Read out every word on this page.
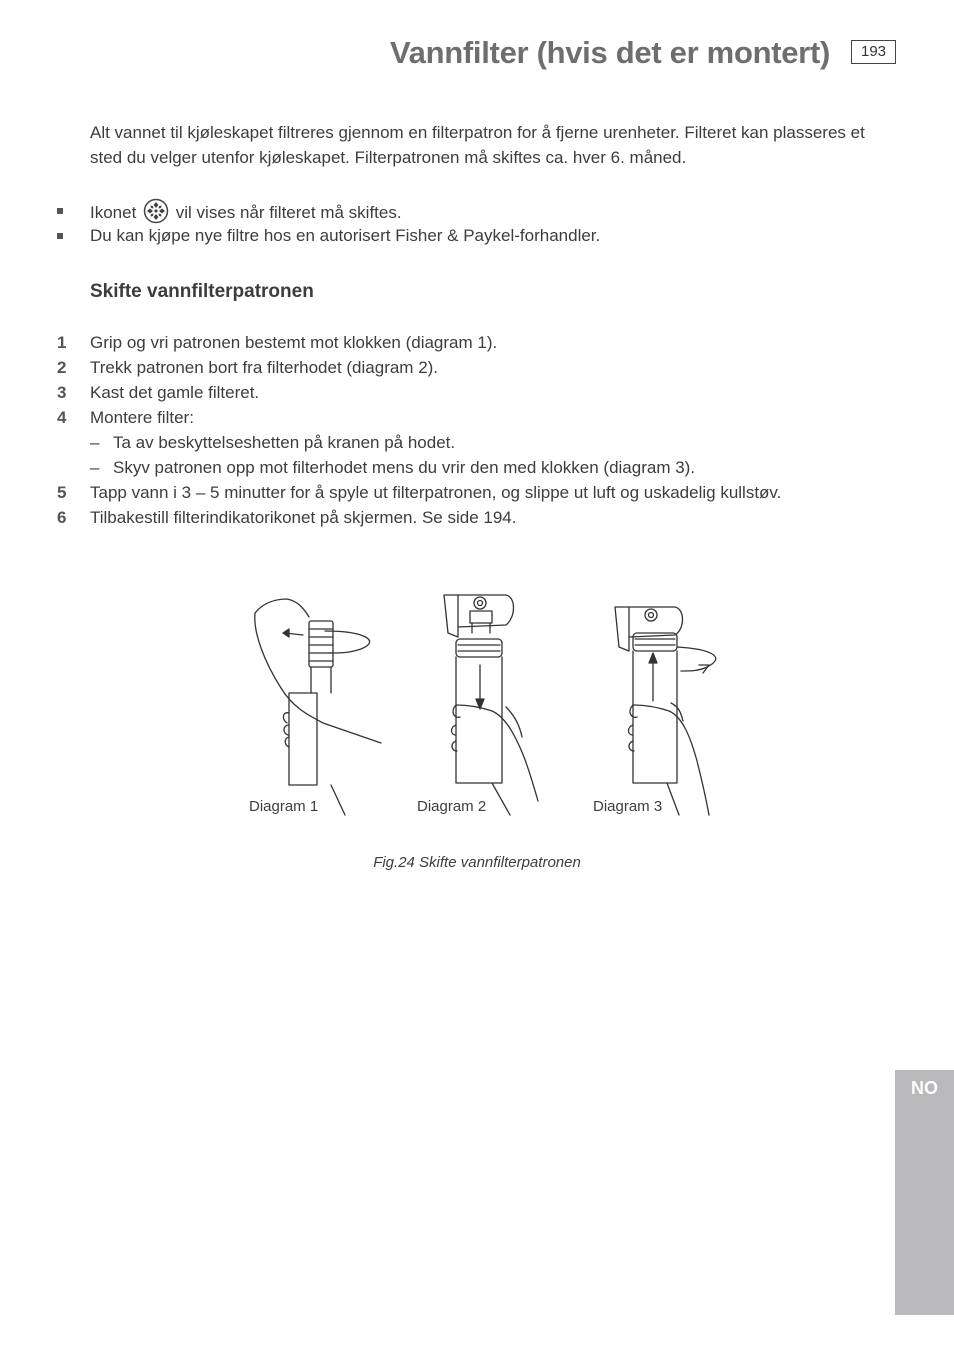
Vannfilter (hvis det er montert)	193
Alt vannet til kjøleskapet filtreres gjennom en filterpatron for å fjerne urenheter. Filteret kan plasseres et sted du velger utenfor kjøleskapet. Filterpatronen må skiftes ca. hver 6. måned.
Ikonet vil vises når filteret må skiftes.
Du kan kjøpe nye filtre hos en autorisert Fisher & Paykel-forhandler.
Skifte vannfilterpatronen
1 Grip og vri patronen bestemt mot klokken (diagram 1).
2 Trekk patronen bort fra filterhodet (diagram 2).
3 Kast det gamle filteret.
4 Montere filter:
– Ta av beskyttelseshetten på kranen på hodet.
– Skyv patronen opp mot filterhodet mens du vrir den med klokken (diagram 3).
5 Tapp vann i 3 – 5 minutter for å spyle ut filterpatronen, og slippe ut luft og uskadelig kullstøv.
6 Tilbakestill filterindikatorikonet på skjermen. Se side 194.
Diagram 1	Diagram 2	Diagram 3
Fig.24 Skifte vannfilterpatronen
NO
